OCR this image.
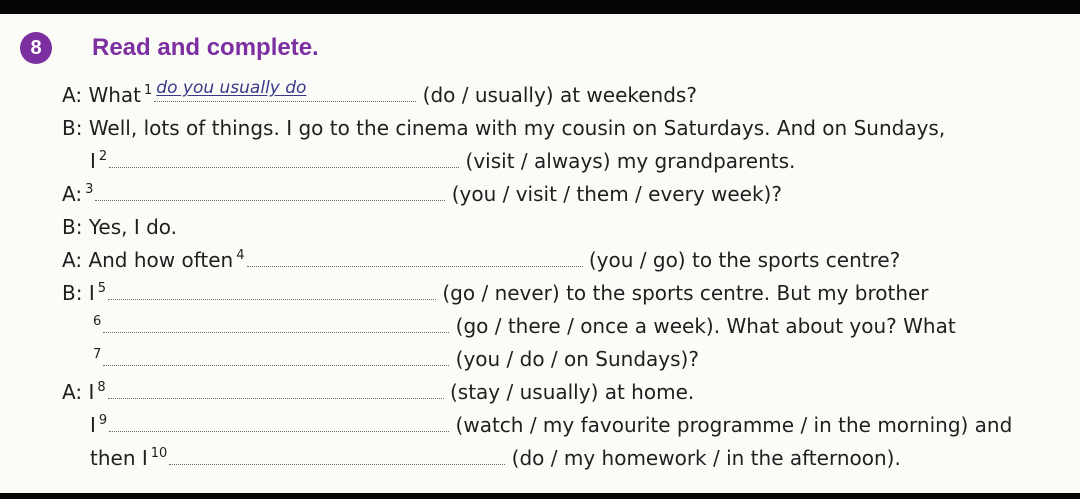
8 Read and complete.
A: What $^1$ do you usually do	(do / usually) at weekends?
B: Well, lots of things. I go to the cinema with my cousin on Saturdays. And on Sundays,
I $^2$	(visit / always) my grandparents.
A: $^3$	(you / visit / them / every week)?
B: Yes, I do.
A: And how often $^4$	(you / go) to the sports centre?
B: I $^5$	(go / never) to the sports centre. But my brother
$^6$	(go / there / once a week). What about you? What
$^7$	(you / do / on Sundays)?
A: I $^8$	(stay / usually) at home.
I $^9$	(watch / my favourite programme / in the morning) and
then I $^{10}$	(do / my homework / in the afternoon).
